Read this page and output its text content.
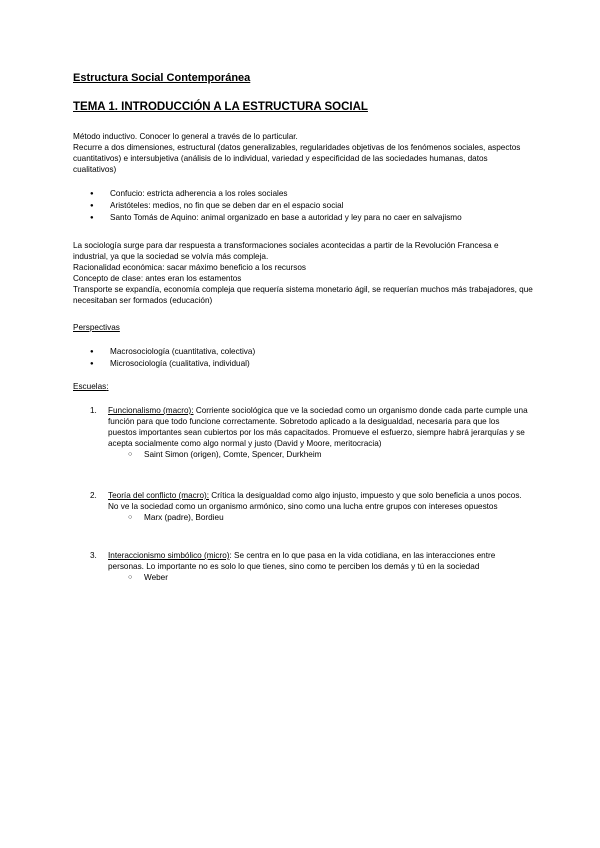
Estructura Social Contemporánea
TEMA 1. INTRODUCCIÓN A LA ESTRUCTURA SOCIAL

Método inductivo. Conocer lo general a través de lo particular.

Recurre a dos dimensiones, estructural (datos generalizables, regularidades objetivas de los fenómenos sociales, aspectos cuantitativos) e intersubjetiva (análisis de lo individual, variedad y especificidad de las sociedades humanas, datos cualitativos)

● Confucio: estricta adherencia a los roles sociales
● Aristóteles: medios, no fin que se deben dar en el espacio social
● Santo Tomás de Aquino: animal organizado en base a autoridad y ley para no caer en salvajismo

La sociología surge para dar respuesta a transformaciones sociales acontecidas a partir de la Revolución Francesa e industrial, ya que la sociedad se volvía más compleja.

Racionalidad económica: sacar máximo beneficio a los recursos

Concepto de clase: antes eran los estamentos

Transporte se expandía, economía compleja que requería sistema monetario ágil, se requerían muchos más trabajadores, que necesitaban ser formados (educación)

Perspectivas
● Macrosociología (cuantitativa, colectiva)
● Microsociología (cualitativa, individual)
Escuelas:
1. Funcionalismo (macro): Corriente sociológica que ve la sociedad como un organismo donde cada parte cumple una función para que todo funcione correctamente. Sobretodo aplicado a la desigualdad, necesaria para que los puestos importantes sean cubiertos por los más capacitados. Promueve el esfuerzo, siempre habrá jerarquías y se acepta socialmente como algo normal y justo (David y Moore, meritocracia)
○ Saint Simon (origen), Comte, Spencer, Durkheim
2. Teoría del conflicto (macro): Crítica la desigualdad como algo injusto, impuesto y que solo beneficia a unos pocos. No ve la sociedad como un organismo armónico, sino como una lucha entre grupos con intereses opuestos
○ Marx (padre), Bordieu
3. Interaccionismo simbólico (micro): Se centra en lo que pasa en la vida cotidiana, en las interacciones entre personas. Lo importante no es solo lo que tienes, sino como te perciben los demás y tú en la sociedad
○ Weber
